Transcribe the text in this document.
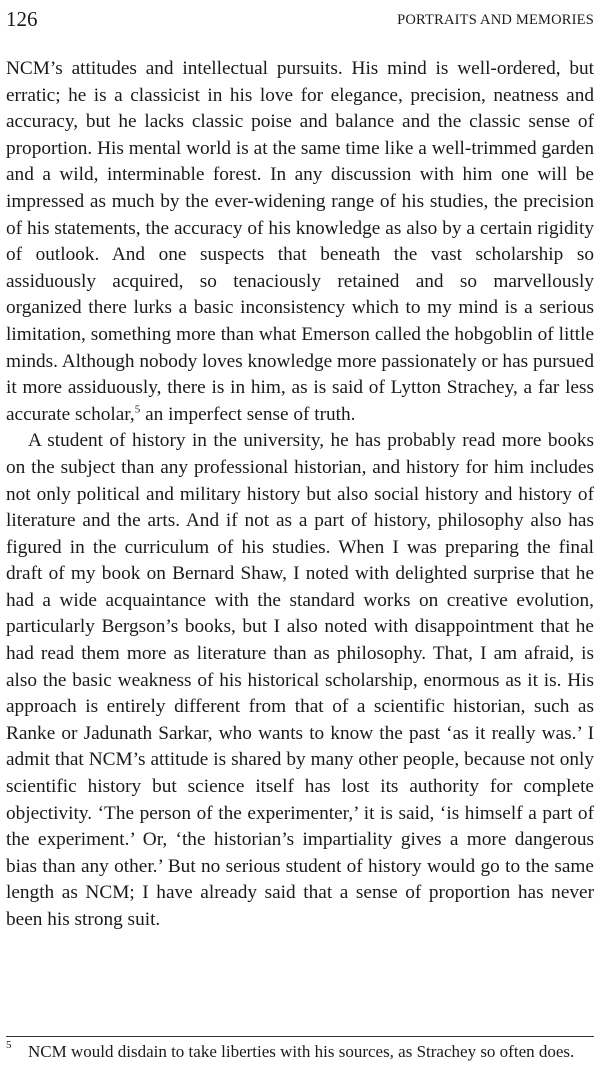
126	PORTRAITS AND MEMORIES

NCM’s attitudes and intellectual pursuits. His mind is well-ordered, but erratic; he is a classicist in his love for elegance, precision, neatness and accuracy, but he lacks classic poise and balance and the classic sense of proportion. His mental world is at the same time like a well-trimmed garden and a wild, interminable forest. In any discussion with him one will be impressed as much by the ever-widening range of his studies, the precision of his statements, the accuracy of his knowledge as also by a certain rigidity of outlook. And one suspects that beneath the vast scholarship so assiduously acquired, so tenaciously retained and so marvellously organized there lurks a basic inconsistency which to my mind is a serious limitation, something more than what Emerson called the hobgoblin of little minds. Although nobody loves knowledge more passionately or has pursued it more assiduously, there is in him, as is said of Lytton Strachey, a far less accurate scholar,$^5$ an imperfect sense of truth.

A student of history in the university, he has probably read more books on the subject than any professional historian, and history for him includes not only political and military history but also social history and history of literature and the arts. And if not as a part of history, philosophy also has figured in the curriculum of his studies. When I was preparing the final draft of my book on Bernard Shaw, I noted with delighted surprise that he had a wide acquaintance with the standard works on creative evolution, particularly Bergson’s books, but I also noted with disappointment that he had read them more as literature than as philosophy. That, I am afraid, is also the basic weakness of his historical scholarship, enormous as it is. His approach is entirely different from that of a scientific historian, such as Ranke or Jadunath Sarkar, who wants to know the past ‘as it really was.’ I admit that NCM’s attitude is shared by many other people, because not only scientific history but science itself has lost its authority for complete objectivity. ‘The person of the experimenter,’ it is said, ‘is himself a part of the experiment.’ Or, ‘the historian’s impartiality gives a more dangerous bias than any other.’ But no serious student of history would go to the same length as NCM; I have already said that a sense of proportion has never been his strong suit.

5 NCM would disdain to take liberties with his sources, as Strachey so often does.
